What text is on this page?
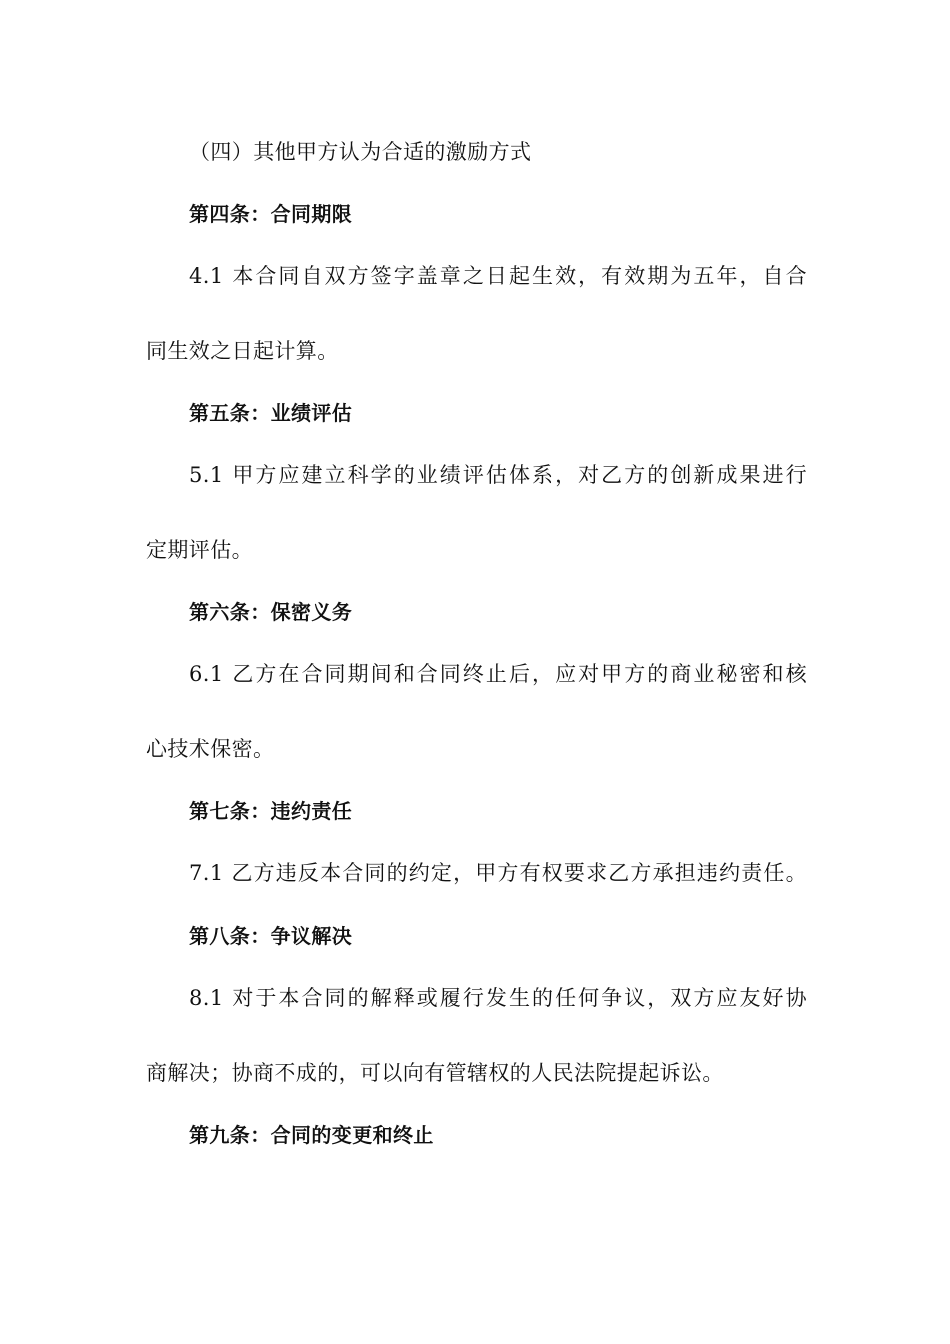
（四）其他甲方认为合适的激励方式
第四条：合同期限
4.1 本合同自双方签字盖章之日起生效，有效期为五年，自合
同生效之日起计算。
第五条：业绩评估
5.1 甲方应建立科学的业绩评估体系，对乙方的创新成果进行
定期评估。
第六条：保密义务
6.1 乙方在合同期间和合同终止后，应对甲方的商业秘密和核
心技术保密。
第七条：违约责任
7.1 乙方违反本合同的约定，甲方有权要求乙方承担违约责任。
第八条：争议解决
8.1 对于本合同的解释或履行发生的任何争议，双方应友好协
商解决；协商不成的，可以向有管辖权的人民法院提起诉讼。
第九条：合同的变更和终止
